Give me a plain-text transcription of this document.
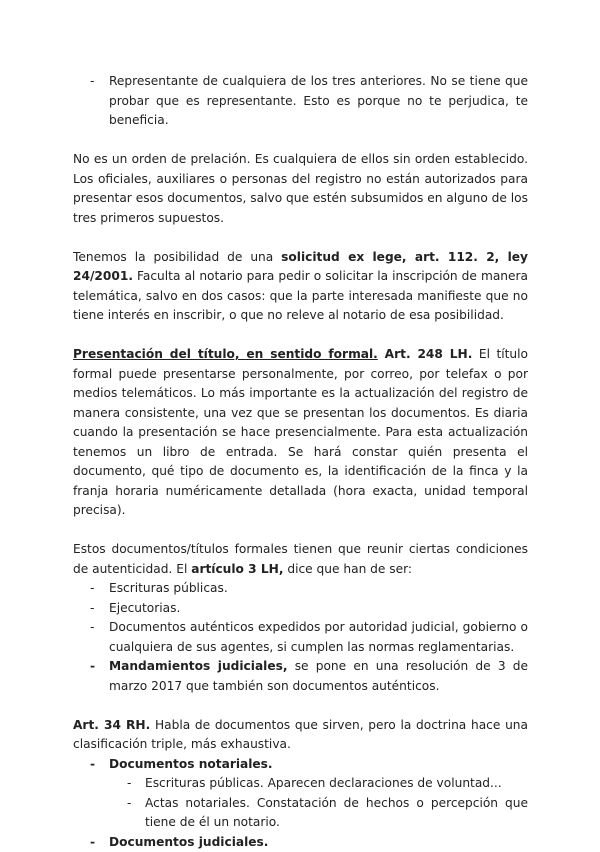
- Representante de cualquiera de los tres anteriores. No se tiene que probar que es representante. Esto es porque no te perjudica, te beneficia.

No es un orden de prelación. Es cualquiera de ellos sin orden establecido. Los oficiales, auxiliares o personas del registro no están autorizados para presentar esos documentos, salvo que estén subsumidos en alguno de los tres primeros supuestos.

Tenemos la posibilidad de una solicitud ex lege, art. 112. 2, ley 24/2001. Faculta al notario para pedir o solicitar la inscripción de manera telemática, salvo en dos casos: que la parte interesada manifieste que no tiene interés en inscribir, o que no releve al notario de esa posibilidad.

Presentación del título, en sentido formal. Art. 248 LH. El título formal puede presentarse personalmente, por correo, por telefax o por medios telemáticos. Lo más importante es la actualización del registro de manera consistente, una vez que se presentan los documentos. Es diaria cuando la presentación se hace presencialmente. Para esta actualización tenemos un libro de entrada. Se hará constar quién presenta el documento, qué tipo de documento es, la identificación de la finca y la franja horaria numéricamente detallada (hora exacta, unidad temporal precisa).

Estos documentos/títulos formales tienen que reunir ciertas condiciones de autenticidad. El artículo 3 LH, dice que han de ser:

- Escrituras públicas.
- Ejecutorias.
- Documentos auténticos expedidos por autoridad judicial, gobierno o cualquiera de sus agentes, si cumplen las normas reglamentarias.
- Mandamientos judiciales, se pone en una resolución de 3 de marzo 2017 que también son documentos auténticos.

Art. 34 RH. Habla de documentos que sirven, pero la doctrina hace una clasificación triple, más exhaustiva.

- Documentos notariales.
- Escrituras públicas. Aparecen declaraciones de voluntad...
- Actas notariales. Constatación de hechos o percepción que tiene de él un notario.
- Documentos judiciales.
